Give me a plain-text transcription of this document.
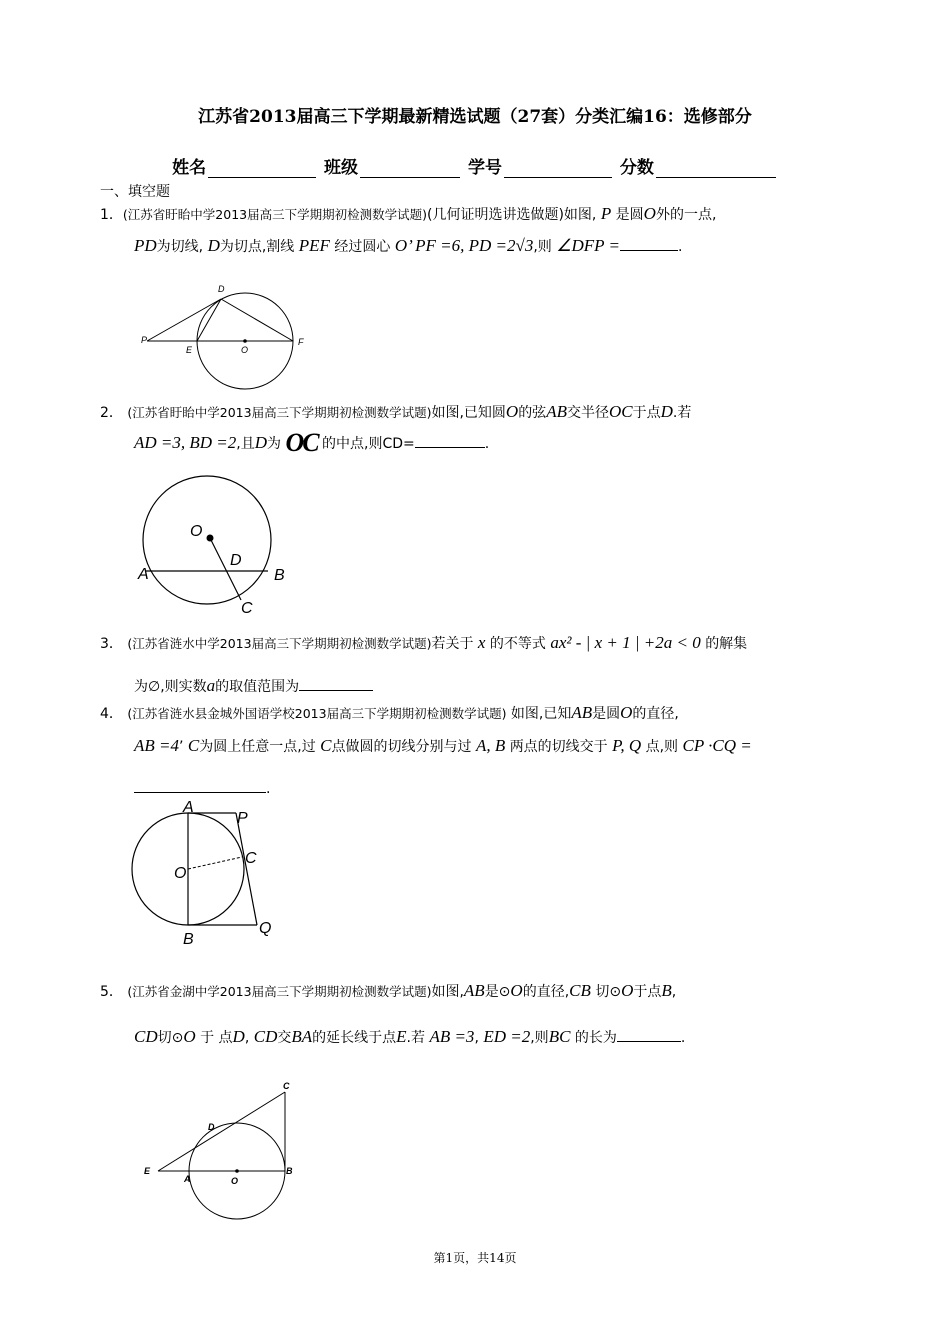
江苏省2013届高三下学期最新精选试题（27套）分类汇编16：选修部分
姓名	班级	学号	分数
一、填空题
1．(江苏省盱眙中学2013届高三下学期期初检测数学试题)(几何证明选讲选做题)如图, P 是圆O外的一点,
PD为切线, D为切点,割线 PEF 经过圆心 O’ PF =6, PD =2√3,则 ∠DFP =	.
D
P
E	O
F
2． (江苏省盱眙中学2013届高三下学期期初检测数学试题)如图,已知圆O的弦AB交半径OC于点D.若
AD =3, BD =2,且D为 OC 的中点,则CD=	.
O
D
A	B
C
3． (江苏省涟水中学2013届高三下学期期初检测数学试题)若关于 x 的不等式 ax² - | x + 1 | +2a < 0 的解集
为∅,则实数a的取值范围为
4． (江苏省涟水县金城外国语学校2013届高三下学期期初检测数学试题) 如图,已知AB是圆O的直径,
AB =4’ C为圆上任意一点,过 C点做圆的切线分别与过 A, B 两点的切线交于 P, Q 点,则 CP ·CQ =
.
A
P
O
C
B
Q
5． (江苏省金湖中学2013届高三下学期期初检测数学试题)如图,AB是⊙O的直径,CB 切⊙O于点B,
CD切⊙O 于 点D, CD交BA的延长线于点E.若 AB =3, ED =2,则BC 的长为	.
C
D
E
A	O
B
第1页，共14页
